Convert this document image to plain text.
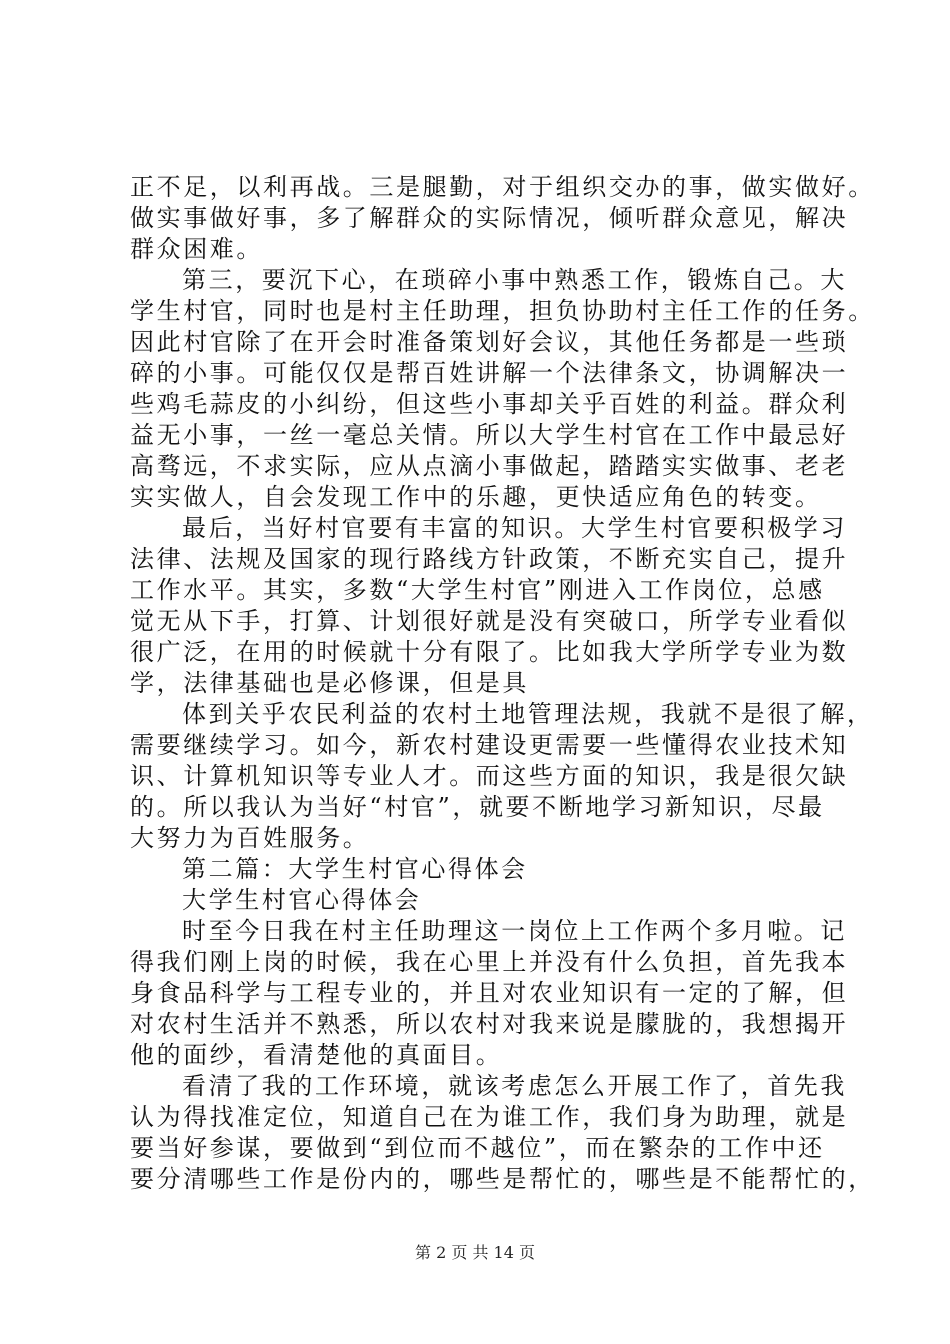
正不足，以利再战。三是腿勤，对于组织交办的事，做实做好。
做实事做好事，多了解群众的实际情况，倾听群众意见，解决
群众困难。
第三，要沉下心，在琐碎小事中熟悉工作，锻炼自己。大
学生村官，同时也是村主任助理，担负协助村主任工作的任务。
因此村官除了在开会时准备策划好会议，其他任务都是一些琐
碎的小事。可能仅仅是帮百姓讲解一个法律条文，协调解决一
些鸡毛蒜皮的小纠纷，但这些小事却关乎百姓的利益。群众利
益无小事，一丝一毫总关情。所以大学生村官在工作中最忌好
高骛远，不求实际，应从点滴小事做起，踏踏实实做事、老老
实实做人，自会发现工作中的乐趣，更快适应角色的转变。
最后，当好村官要有丰富的知识。大学生村官要积极学习
法律、法规及国家的现行路线方针政策，不断充实自己，提升
工作水平。其实，多数“大学生村官”刚进入工作岗位，总感
觉无从下手，打算、计划很好就是没有突破口，所学专业看似
很广泛，在用的时候就十分有限了。比如我大学所学专业为数
学，法律基础也是必修课，但是具
体到关乎农民利益的农村土地管理法规，我就不是很了解，
需要继续学习。如今，新农村建设更需要一些懂得农业技术知
识、计算机知识等专业人才。而这些方面的知识，我是很欠缺
的。所以我认为当好“村官”，就要不断地学习新知识，尽最
大努力为百姓服务。
第二篇：大学生村官心得体会
大学生村官心得体会
时至今日我在村主任助理这一岗位上工作两个多月啦。记
得我们刚上岗的时候，我在心里上并没有什么负担，首先我本
身食品科学与工程专业的，并且对农业知识有一定的了解，但
对农村生活并不熟悉，所以农村对我来说是朦胧的，我想揭开
他的面纱，看清楚他的真面目。
看清了我的工作环境，就该考虑怎么开展工作了，首先我
认为得找准定位，知道自己在为谁工作，我们身为助理，就是
要当好参谋，要做到“到位而不越位”，而在繁杂的工作中还
要分清哪些工作是份内的，哪些是帮忙的，哪些是不能帮忙的，
第 2 页 共 14 页
